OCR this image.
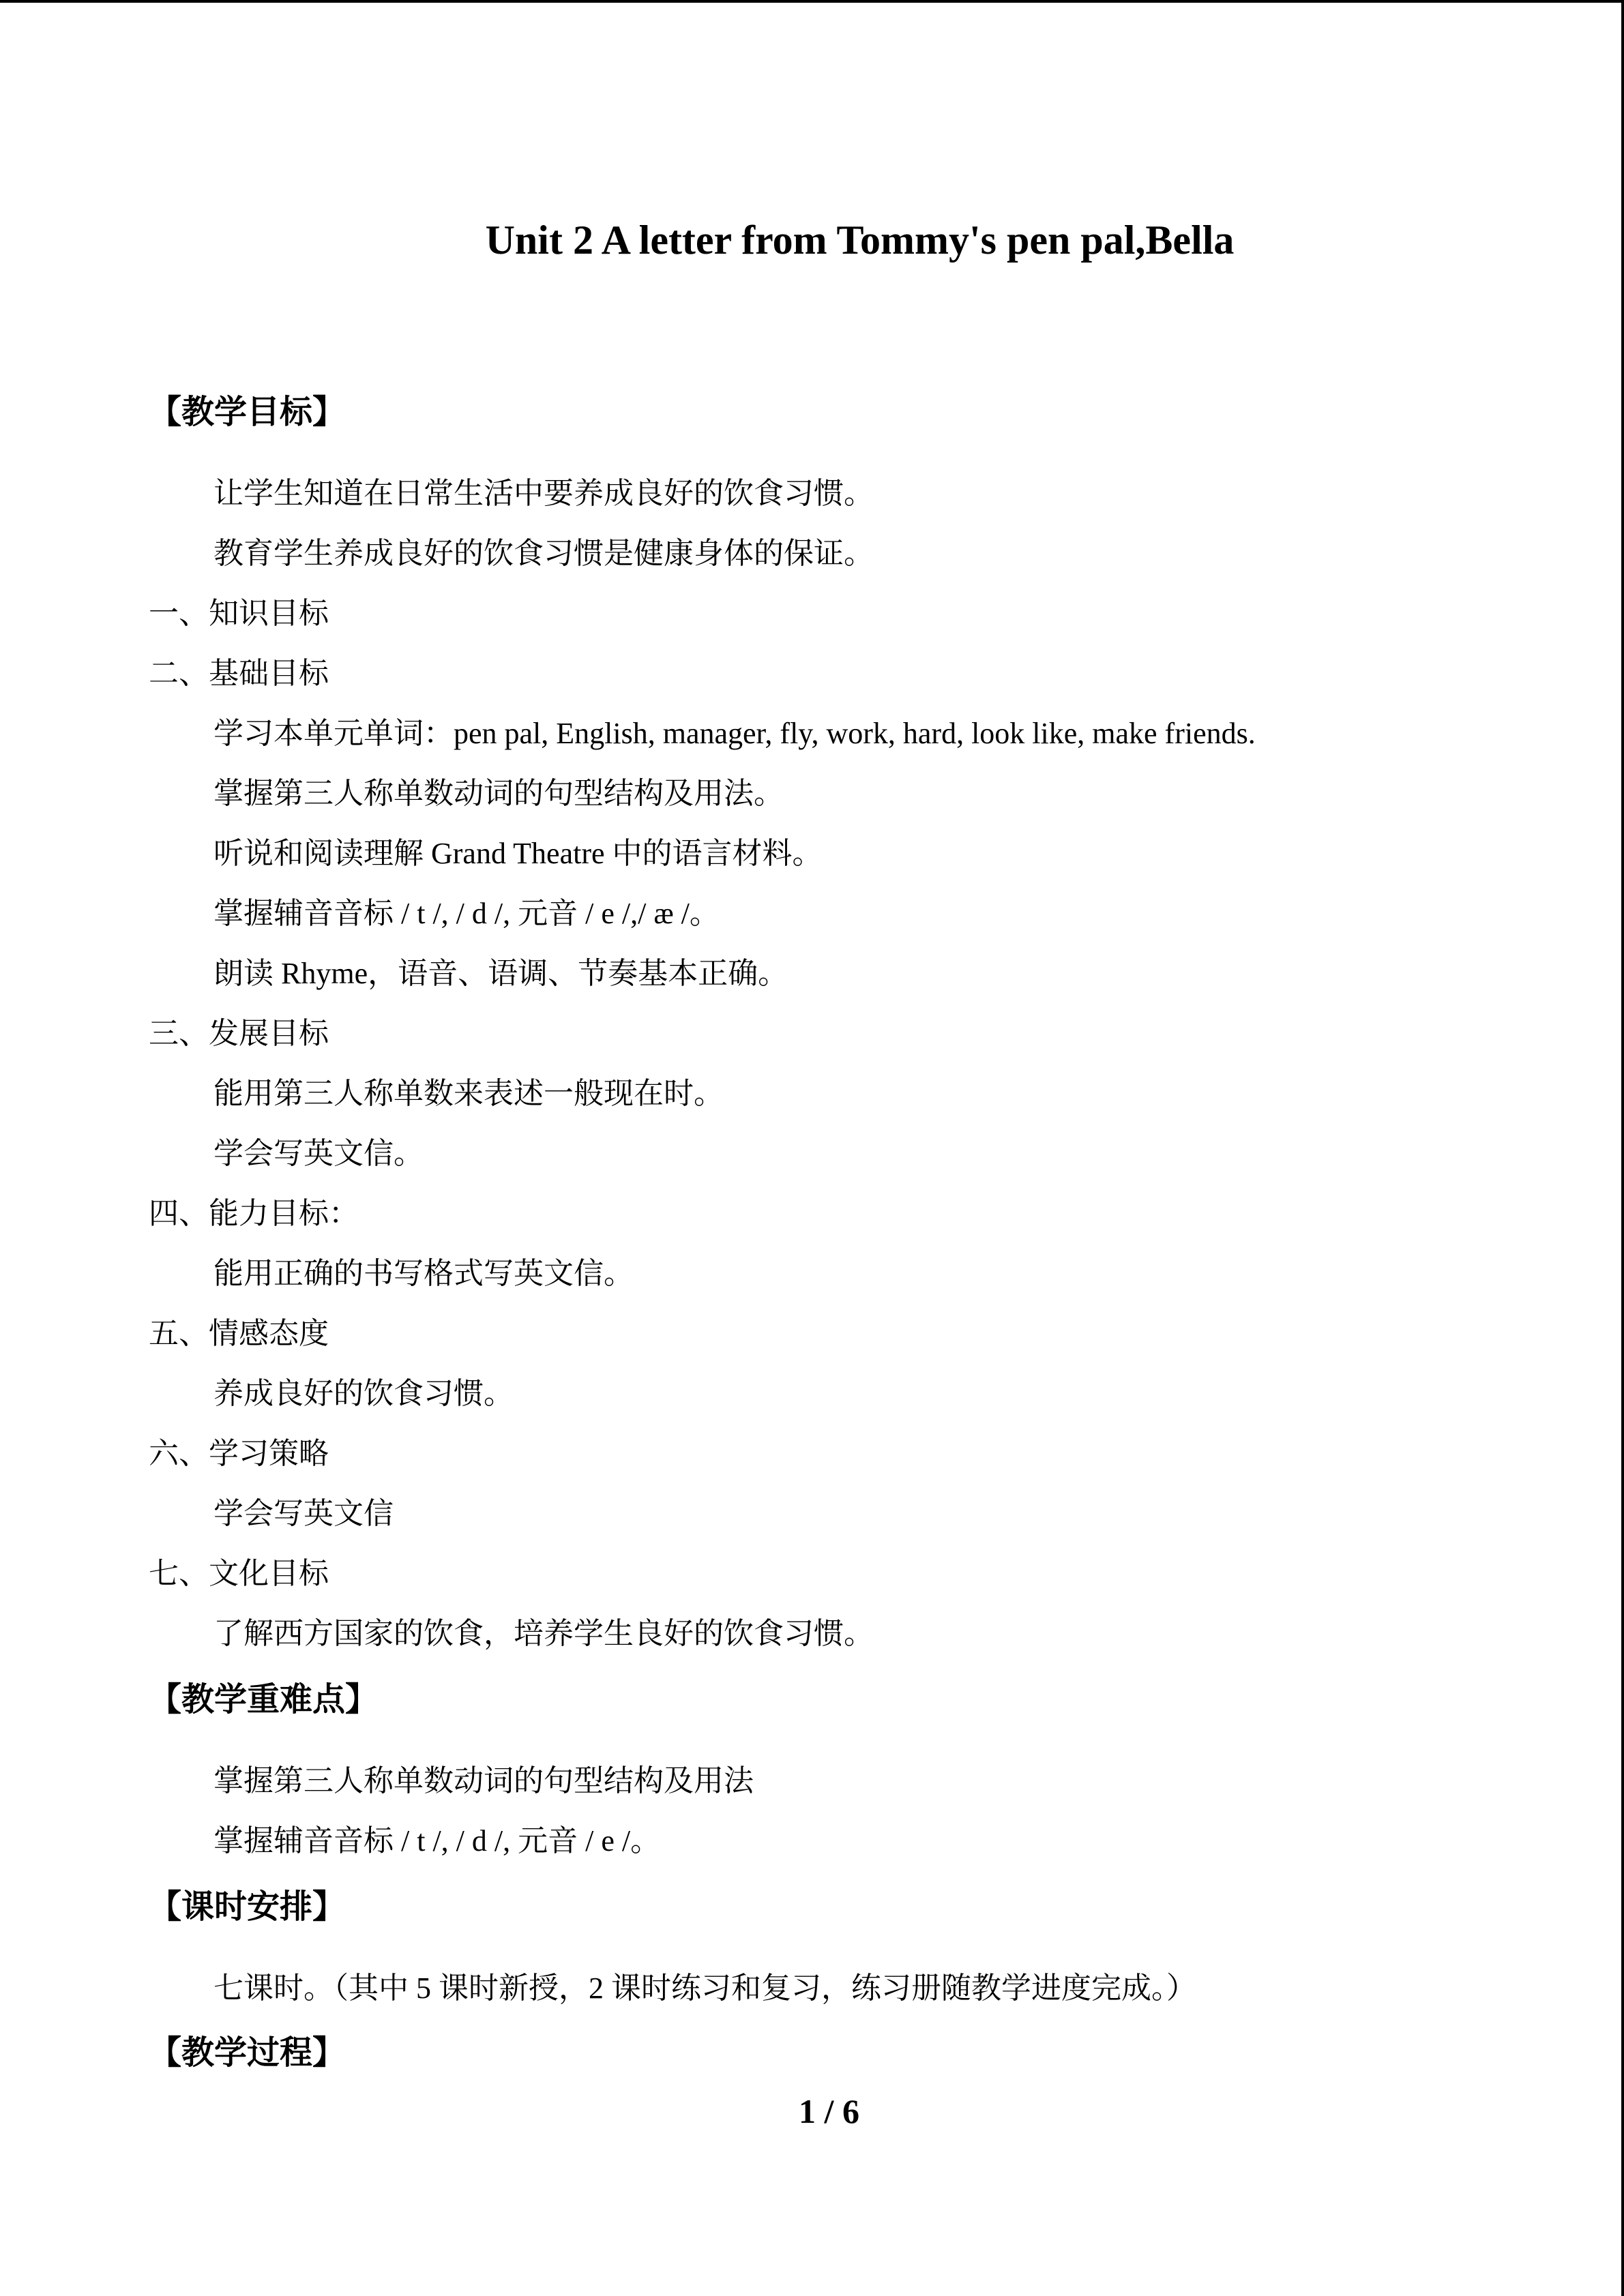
Unit 2 A letter from Tommy's pen pal,Bella
【教学目标】
让学生知道在日常生活中要养成良好的饮食习惯。
教育学生养成良好的饮食习惯是健康身体的保证。
一、知识目标
二、基础目标
学习本单元单词：pen pal, English, manager, fly, work, hard, look like, make friends.
掌握第三人称单数动词的句型结构及用法。
听说和阅读理解 Grand Theatre 中的语言材料。
掌握辅音音标 / t /, / d /, 元音 / e /,/ æ /。
朗读 Rhyme，语音、语调、节奏基本正确。
三、发展目标
能用第三人称单数来表述一般现在时。
学会写英文信。
四、能力目标：
能用正确的书写格式写英文信。
五、情感态度
养成良好的饮食习惯。
六、学习策略
学会写英文信
七、文化目标
了解西方国家的饮食，培养学生良好的饮食习惯。
【教学重难点】
掌握第三人称单数动词的句型结构及用法
掌握辅音音标 / t /, / d /, 元音 / e /。
【课时安排】
七课时。（其中 5 课时新授，2 课时练习和复习，练习册随教学进度完成。）
【教学过程】
1 / 6
